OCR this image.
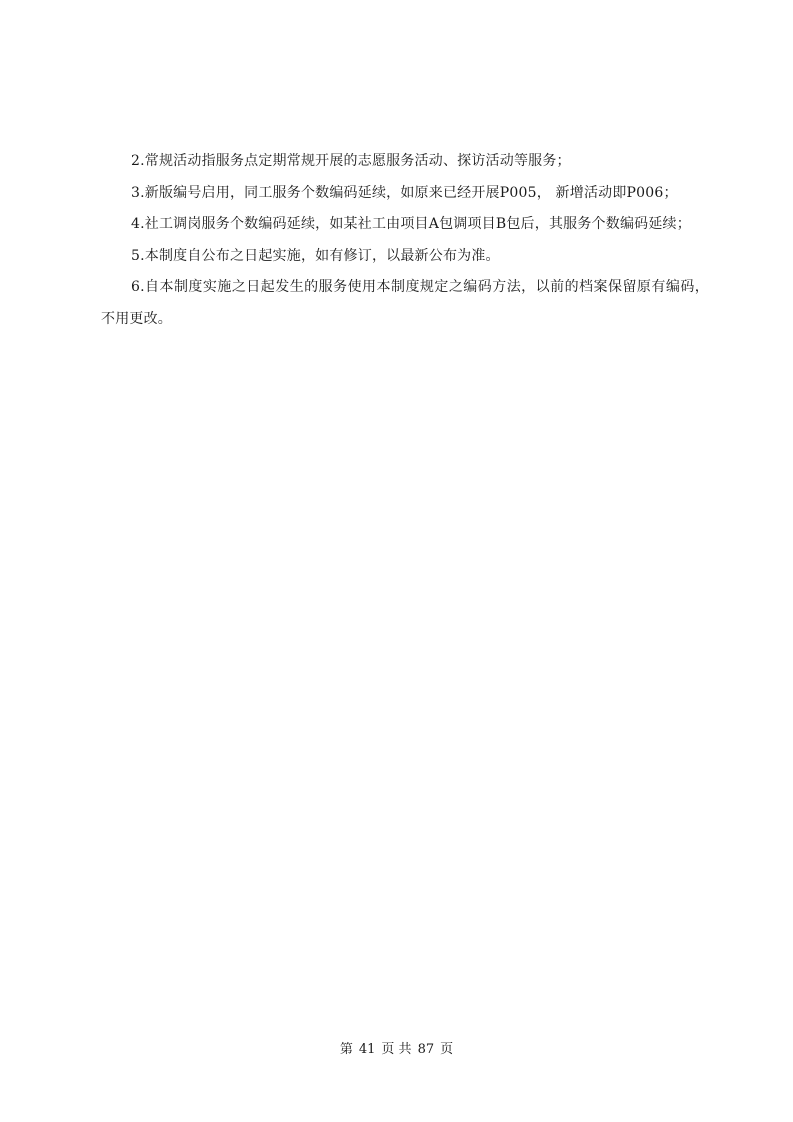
2.常规活动指服务点定期常规开展的志愿服务活动、探访活动等服务；

3.新版编号启用，同工服务个数编码延续，如原来已经开展P005， 新增活动即P006；

4.社工调岗服务个数编码延续，如某社工由项目A包调项目B包后，其服务个数编码延续；

5.本制度自公布之日起实施，如有修订，以最新公布为准。

6.自本制度实施之日起发生的服务使用本制度规定之编码方法，以前的档案保留原有编码，不用更改。

第 41 页 共 87 页
